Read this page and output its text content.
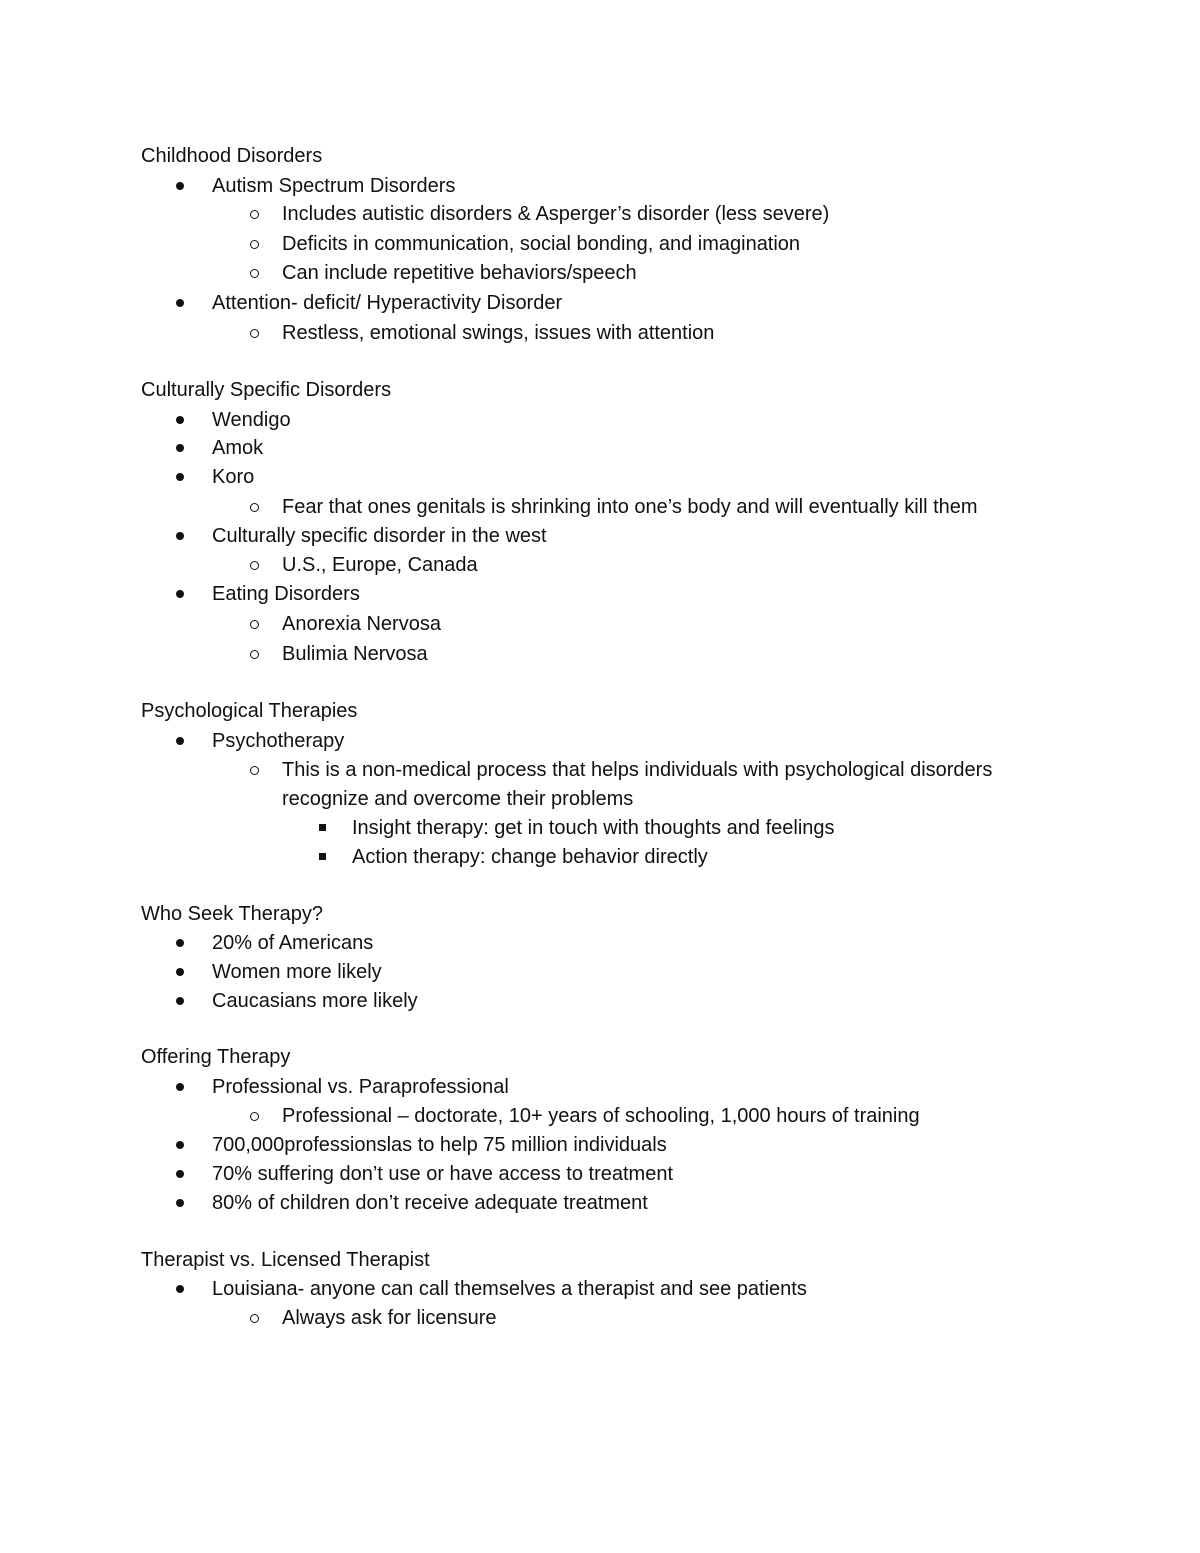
Childhood Disorders
Autism Spectrum Disorders
Includes autistic disorders & Asperger’s disorder (less severe)
Deficits in communication, social bonding, and imagination
Can include repetitive behaviors/speech
Attention- deficit/ Hyperactivity Disorder
Restless, emotional swings, issues with attention
Culturally Specific Disorders
Wendigo
Amok
Koro
Fear that ones genitals is shrinking into one’s body and will eventually kill them
Culturally specific disorder in the west
U.S., Europe, Canada
Eating Disorders
Anorexia Nervosa
Bulimia Nervosa
Psychological Therapies
Psychotherapy
This is a non-medical process that helps individuals with psychological disorders
recognize and overcome their problems
Insight therapy: get in touch with thoughts and feelings
Action therapy: change behavior directly
Who Seek Therapy?
20% of Americans
Women more likely
Caucasians more likely
Offering Therapy
Professional vs. Paraprofessional
Professional – doctorate, 10+ years of schooling, 1,000 hours of training
700,000professionslas to help 75 million individuals
70% suffering don’t use or have access to treatment
80% of children don’t receive adequate treatment
Therapist vs. Licensed Therapist
Louisiana- anyone can call themselves a therapist and see patients
Always ask for licensure
